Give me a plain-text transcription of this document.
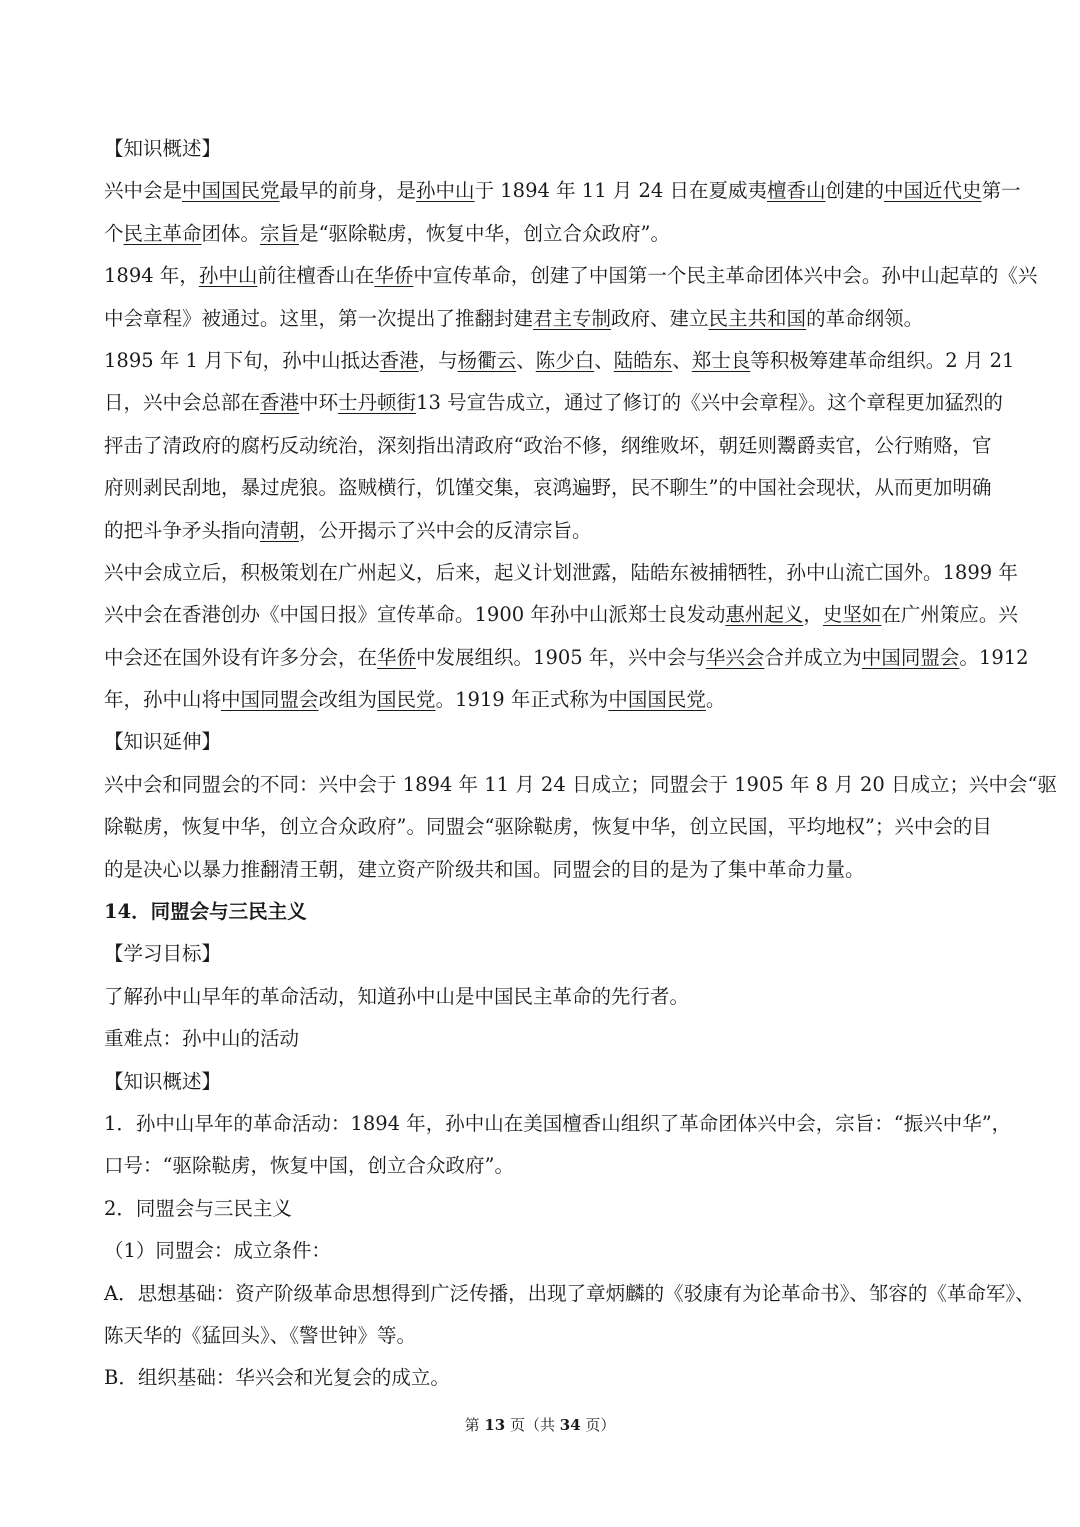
【知识概述】
兴中会是中国国民党最早的前身，是孙中山于 1894 年 11 月 24 日在夏威夷檀香山创建的中国近代史第一
个民主革命团体。宗旨是“驱除鞑虏，恢复中华，创立合众政府”。
1894 年，孙中山前往檀香山在华侨中宣传革命，创建了中国第一个民主革命团体兴中会。孙中山起草的《兴
中会章程》被通过。这里，第一次提出了推翻封建君主专制政府、建立民主共和国的革命纲领。
1895 年 1 月下旬，孙中山抵达香港，与杨衢云、陈少白、陆皓东、郑士良等积极筹建革命组织。2 月 21
日，兴中会总部在香港中环士丹顿街13 号宣告成立，通过了修订的《兴中会章程》。这个章程更加猛烈的
抨击了清政府的腐朽反动统治，深刻指出清政府“政治不修，纲维败坏，朝廷则鬻爵卖官，公行贿赂，官
府则剥民刮地，暴过虎狼。盗贼横行，饥馑交集，哀鸿遍野，民不聊生”的中国社会现状，从而更加明确
的把斗争矛头指向清朝，公开揭示了兴中会的反清宗旨。
兴中会成立后，积极策划在广州起义，后来，起义计划泄露，陆皓东被捕牺牲，孙中山流亡国外。1899 年
兴中会在香港创办《中国日报》宣传革命。1900 年孙中山派郑士良发动惠州起义，史坚如在广州策应。兴
中会还在国外设有许多分会，在华侨中发展组织。1905 年，兴中会与华兴会合并成立为中国同盟会。1912
年，孙中山将中国同盟会改组为国民党。1919 年正式称为中国国民党。
【知识延伸】
兴中会和同盟会的不同：兴中会于 1894 年 11 月 24 日成立；同盟会于 1905 年 8 月 20 日成立；兴中会“驱
除鞑虏，恢复中华，创立合众政府”。同盟会“驱除鞑虏，恢复中华，创立民国，平均地权”；兴中会的目
的是决心以暴力推翻清王朝，建立资产阶级共和国。同盟会的目的是为了集中革命力量。
14．同盟会与三民主义
【学习目标】
了解孙中山早年的革命活动，知道孙中山是中国民主革命的先行者。
重难点：孙中山的活动
【知识概述】
1．孙中山早年的革命活动：1894 年，孙中山在美国檀香山组织了革命团体兴中会，宗旨：“振兴中华”，
口号：“驱除鞑虏，恢复中国，创立合众政府”。
2．同盟会与三民主义
（1）同盟会：成立条件：
A．思想基础：资产阶级革命思想得到广泛传播，出现了章炳麟的《驳康有为论革命书》、邹容的《革命军》、
陈天华的《猛回头》、《警世钟》等。
B．组织基础：华兴会和光复会的成立。
第 13 页（共 34 页）
